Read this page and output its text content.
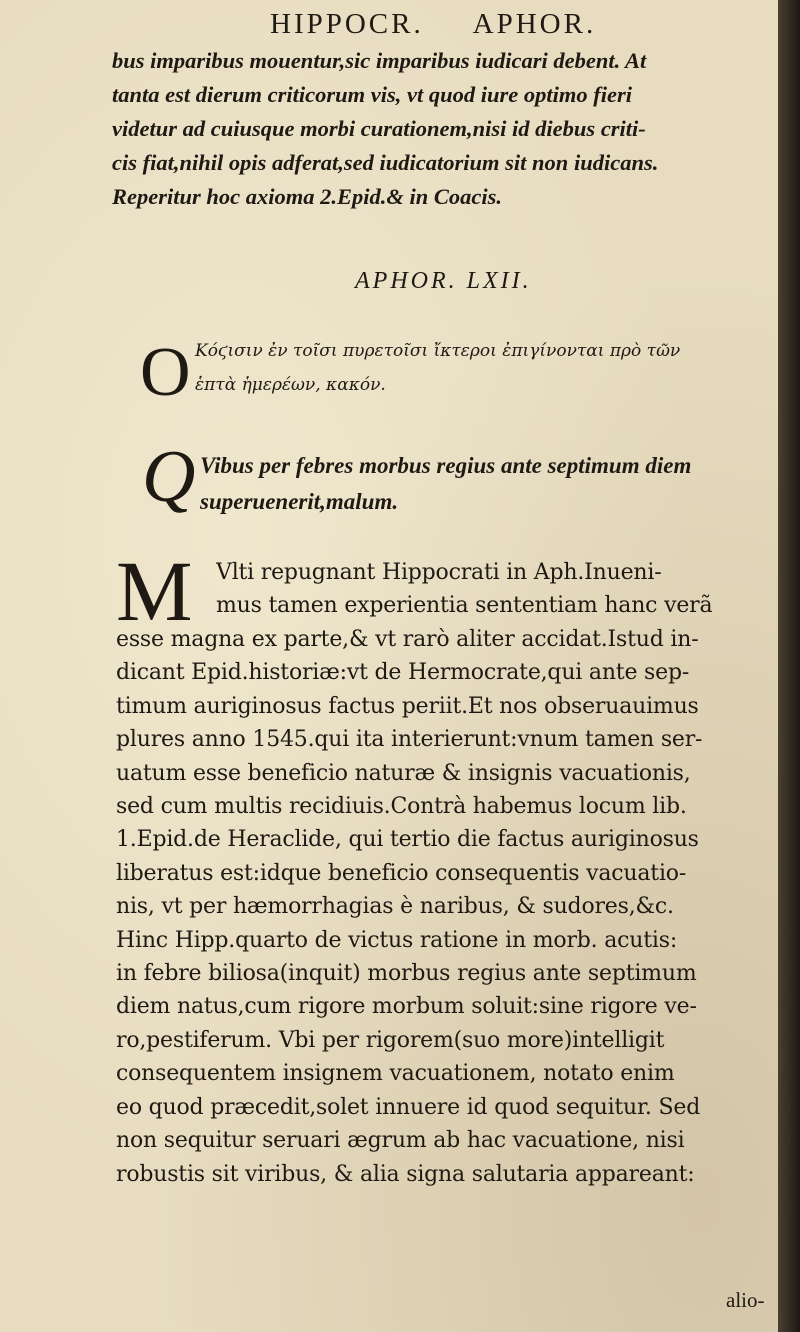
HIPPOCR. APHOR.
bus imparibus mouentur,sic imparibus iudicari debent. At
tanta est dierum criticorum vis, vt quod iure optimo fieri
videtur ad cuiusque morbi curationem,nisi id diebus criti-
cis fiat,nihil opis adferat,sed iudicatorium sit non iudicans.
Reperitur hoc axioma 2.Epid.& in Coacis.
APHOR. LXII.
O Κόϛισιν ἐν τοῖσι πυρετοῖσι ἴκτεροι ἐπιγίνονται πρὸ τῶν
ἑπτὰ ἡμερέων, κακόν.
Q Vibus per febres morbus regius ante septimum diem
superuenerit,malum.
M Vlti repugnant Hippocrati in Aph.Inueni-
mus tamen experientia sententiam hanc verã
esse magna ex parte,& vt rarò aliter accidat.Istud in-
dicant Epid.historiæ:vt de Hermocrate,qui ante sep-
timum auriginosus factus periit.Et nos obseruauimus
plures anno 1545.qui ita interierunt:vnum tamen ser-
uatum esse beneficio naturæ & insignis vacuationis,
sed cum multis recidiuis.Contrà habemus locum lib.
1.Epid.de Heraclide, qui tertio die factus auriginosus
liberatus est:idque beneficio consequentis vacuatio-
nis, vt per hæmorrhagias è naribus, & sudores,&c.
Hinc Hipp.quarto de victus ratione in morb. acutis:
in febre biliosa(inquit) morbus regius ante septimum
diem natus,cum rigore morbum soluit:sine rigore ve-
ro,pestiferum. Vbi per rigorem(suo more)intelligit
consequentem insignem vacuationem, notato enim
eo quod præcedit,solet innuere id quod sequitur. Sed
non sequitur seruari ægrum ab hac vacuatione, nisi
robustis sit viribus, & alia signa salutaria appareant:
alio-
i
(
f
f
ſ
n
h
t
t
